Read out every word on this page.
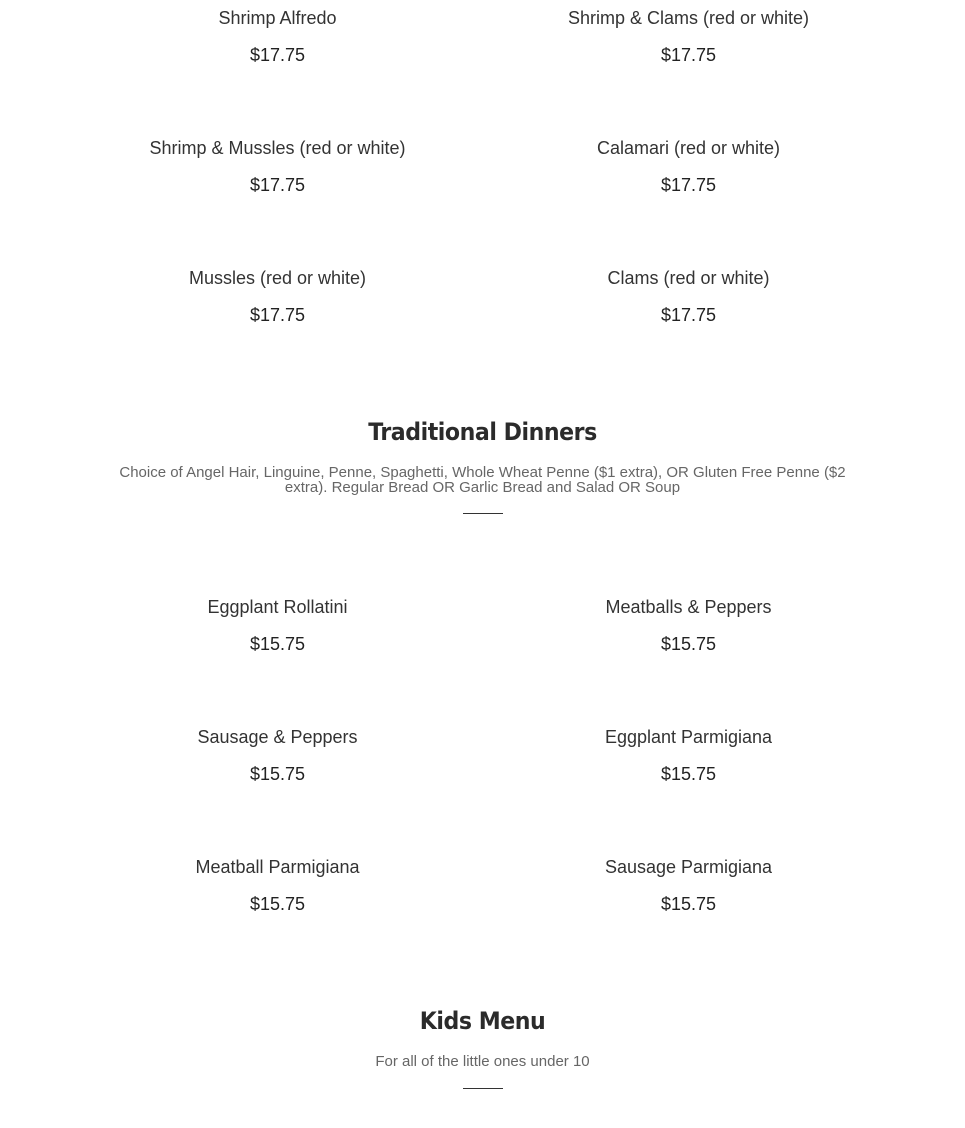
Shrimp Alfredo
$17.75
Shrimp & Clams (red or white)
$17.75
Shrimp & Mussles (red or white)
$17.75
Calamari (red or white)
$17.75
Mussles (red or white)
$17.75
Clams (red or white)
$17.75
Traditional Dinners
Choice of Angel Hair, Linguine, Penne, Spaghetti, Whole Wheat Penne ($1 extra), OR Gluten Free Penne ($2 extra). Regular Bread OR Garlic Bread and Salad OR Soup
Eggplant Rollatini
$15.75
Meatballs & Peppers
$15.75
Sausage & Peppers
$15.75
Eggplant Parmigiana
$15.75
Meatball Parmigiana
$15.75
Sausage Parmigiana
$15.75
Kids Menu
For all of the little ones under 10
